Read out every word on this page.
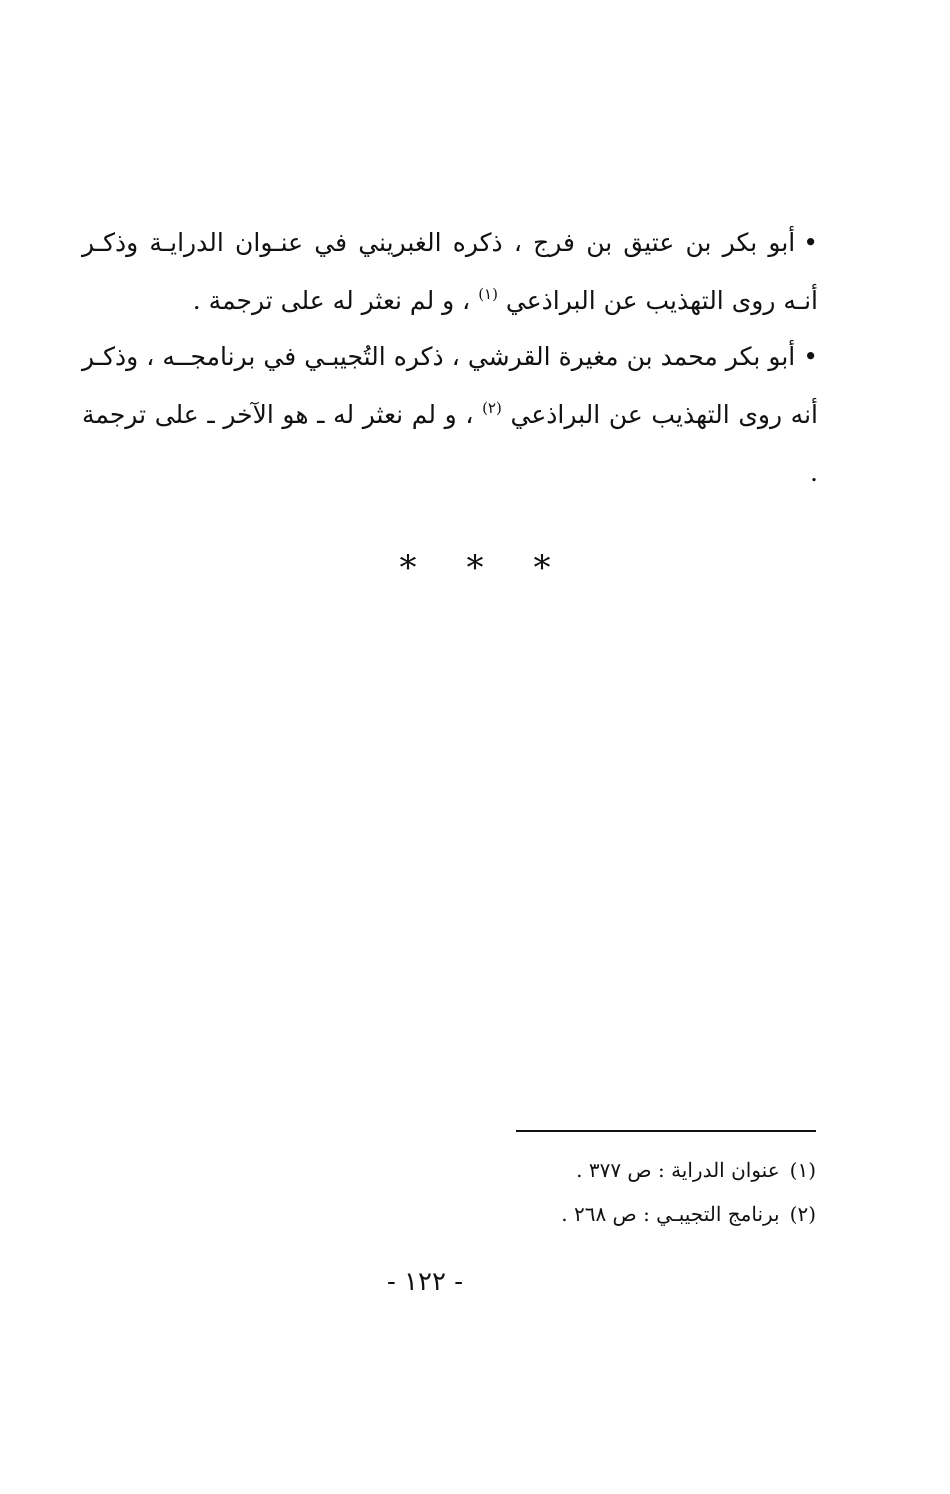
•أبو بكر بن عتيق بن فرج ، ذكره الغبريني في عنـوان الدرايـة وذكـر أنـه روى التهذيب عن البراذعي $^{(١)}$ ، و لم نعثر له على ترجمة .

•أبو بكر محمد بن مغيرة القرشي ، ذكره التُجيبـي في برنامجــه ، وذكـر أنه روى التهذيب عن البراذعي $^{(٢)}$ ، و لم نعثر له ـ هو الآخر ـ على ترجمة .

* * *
(١)عنوان الدراية : ص ٣٧٧ .
(٢)برنامج التجيبـي : ص ٢٦٨ .
- ١٢٢ -
